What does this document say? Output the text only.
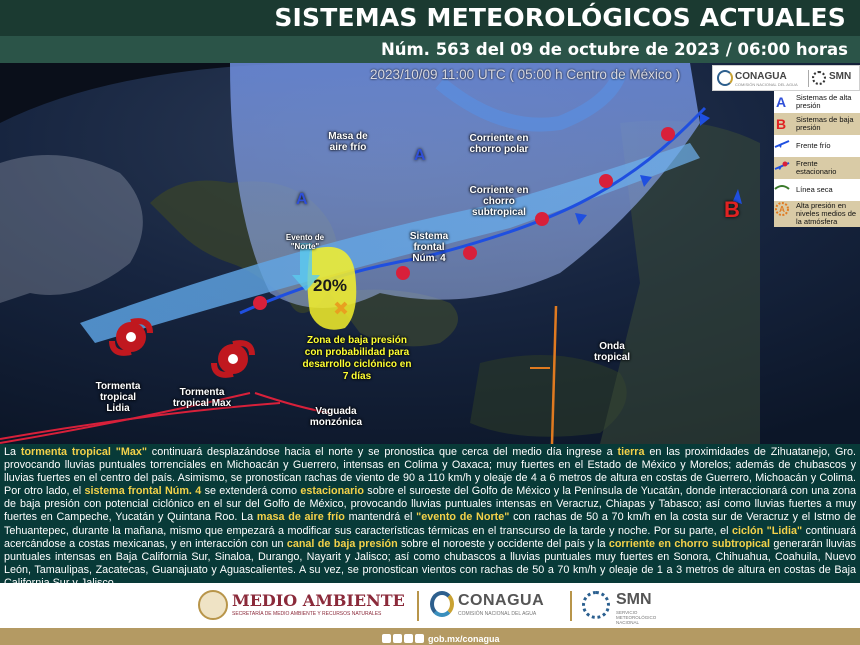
SISTEMAS METEOROLÓGICOS ACTUALES
Núm. 563 del 09 de octubre de 2023 / 06:00 horas
2023/10/09 11:00 UTC ( 05:00 h Centro de México )
Masa de aire frío
Corriente en chorro polar
Corriente en chorro subtropical
Sistema frontal Núm. 4
Evento de "Norte"
20%
Zona de baja presión con probabilidad para desarrollo ciclónico en 7 días
Onda tropical
Tormenta tropical Lidia
Tormenta tropical Max
Vaguada monzónica
A
A
B
CONAGUA
COMISIÓN NACIONAL DEL AGUA
SMN
A	Sistemas de alta presión
B	Sistemas de baja presión
Frente frío
Frente estacionario
Línea seca
A Alta presión en niveles medios de la atmósfera

La tormenta tropical "Max" continuará desplazándose hacia el norte y se pronostica que cerca del medio día ingrese a tierra en las proximidades de Zihuatanejo, Gro. provocando lluvias puntuales torrenciales en Michoacán y Guerrero, intensas en Colima y Oaxaca; muy fuertes en el Estado de México y Morelos; además de chubascos y lluvias fuertes en el centro del país. Asimismo, se pronostican rachas de viento de 90 a 110 km/h y oleaje de 4 a 6 metros de altura en costas de Guerrero, Michoacán y Colima. Por otro lado, el sistema frontal Núm. 4 se extenderá como estacionario sobre el suroeste del Golfo de México y la Península de Yucatán, donde interaccionará con una zona de baja presión con potencial ciclónico en el sur del Golfo de México, provocando lluvias puntuales intensas en Veracruz, Chiapas y Tabasco; así como lluvias fuertes a muy fuertes en Campeche, Yucatán y Quintana Roo. La masa de aire frío mantendrá el "evento de Norte" con rachas de 50 a 70 km/h en la costa sur de Veracruz y el Istmo de Tehuantepec, durante la mañana, mismo que empezará a modificar sus características térmicas en el transcurso de la tarde y noche. Por su parte, el ciclón "Lidia" continuará acercándose a costas mexicanas, y en interacción con un canal de baja presión sobre el noroeste y occidente del país y la corriente en chorro subtropical generarán lluvias puntuales intensas en Baja California Sur, Sinaloa, Durango, Nayarit y Jalisco; así como chubascos a lluvias puntuales muy fuertes en Sonora, Chihuahua, Coahuila, Nuevo León, Tamaulipas, Zacatecas, Guanajuato y Aguascalientes. A su vez, se pronostican vientos con rachas de 50 a 70 km/h y oleaje de 1 a 3 metros de altura en costas de Baja

MEDIO AMBIENTE
SECRETARÍA DE MEDIO AMBIENTE Y RECURSOS NATURALES
CONAGUA
COMISIÓN NACIONAL DEL AGUA
SMN
SERVICIO METEOROLÓGICO NACIONAL
gob.mx/conagua
